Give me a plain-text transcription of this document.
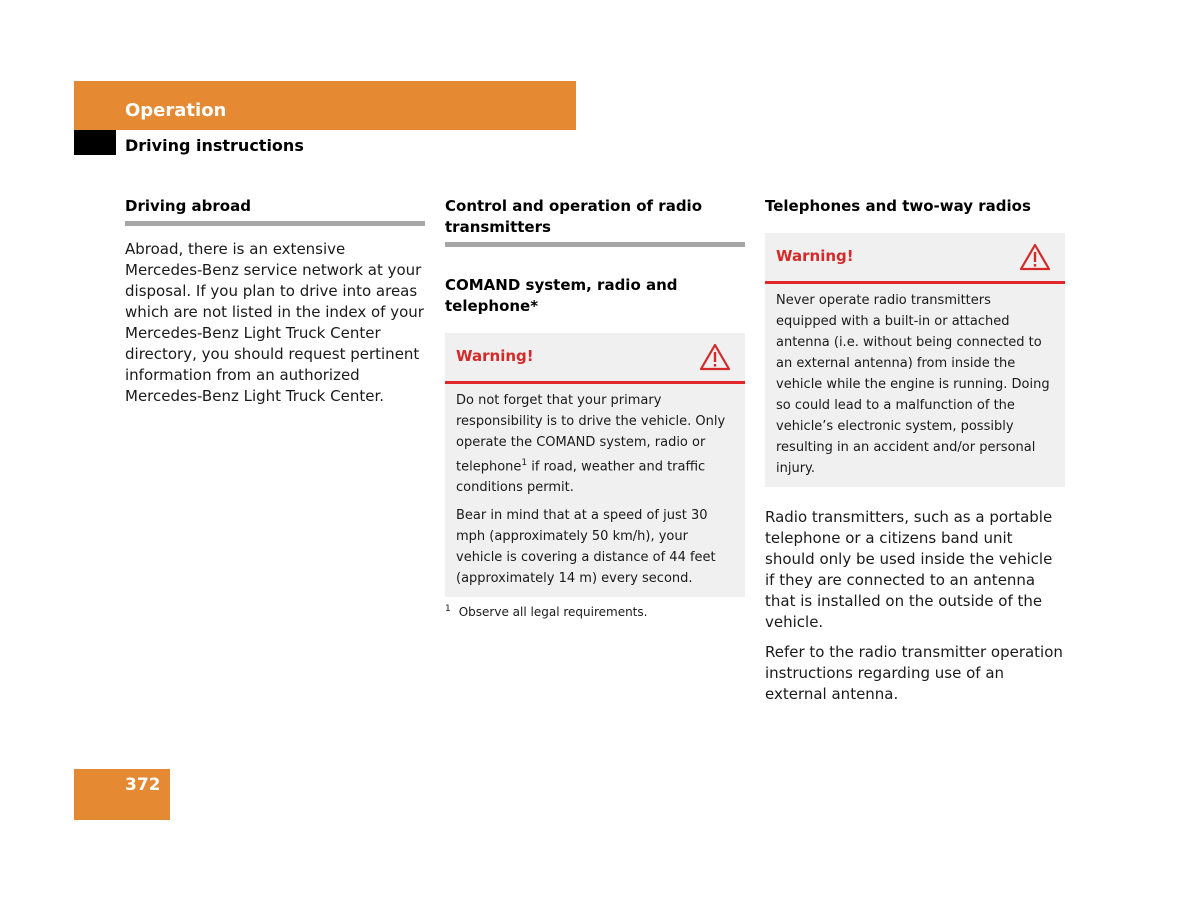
Operation
Driving instructions
Driving abroad

Abroad, there is an extensive Mercedes-Benz service network at your disposal. If you plan to drive into areas which are not listed in the index of your Mercedes-Benz Light Truck Center directory, you should request pertinent information from an authorized Mercedes-Benz Light Truck Center.

Control and operation of radio transmitters
COMAND system, radio and telephone*
Warning!

Do not forget that your primary responsibility is to drive the vehicle. Only operate the COMAND system, radio or telephone$^1$ if road, weather and traffic conditions permit.

Bear in mind that at a speed of just 30 mph (approximately 50 km/h), your vehicle is covering a distance of 44 feet (approximately 14 m) every second.

$^1$ Observe all legal requirements.
Telephones and two-way radios
Warning!

Never operate radio transmitters equipped with a built-in or attached antenna (i.e. without being connected to an external antenna) from inside the vehicle while the engine is running. Doing so could lead to a malfunction of the vehicle’s electronic system, possibly resulting in an accident and/or personal injury.

Radio transmitters, such as a portable telephone or a citizens band unit should only be used inside the vehicle if they are connected to an antenna that is installed on the outside of the vehicle.

Refer to the radio transmitter operation instructions regarding use of an external antenna.

372
